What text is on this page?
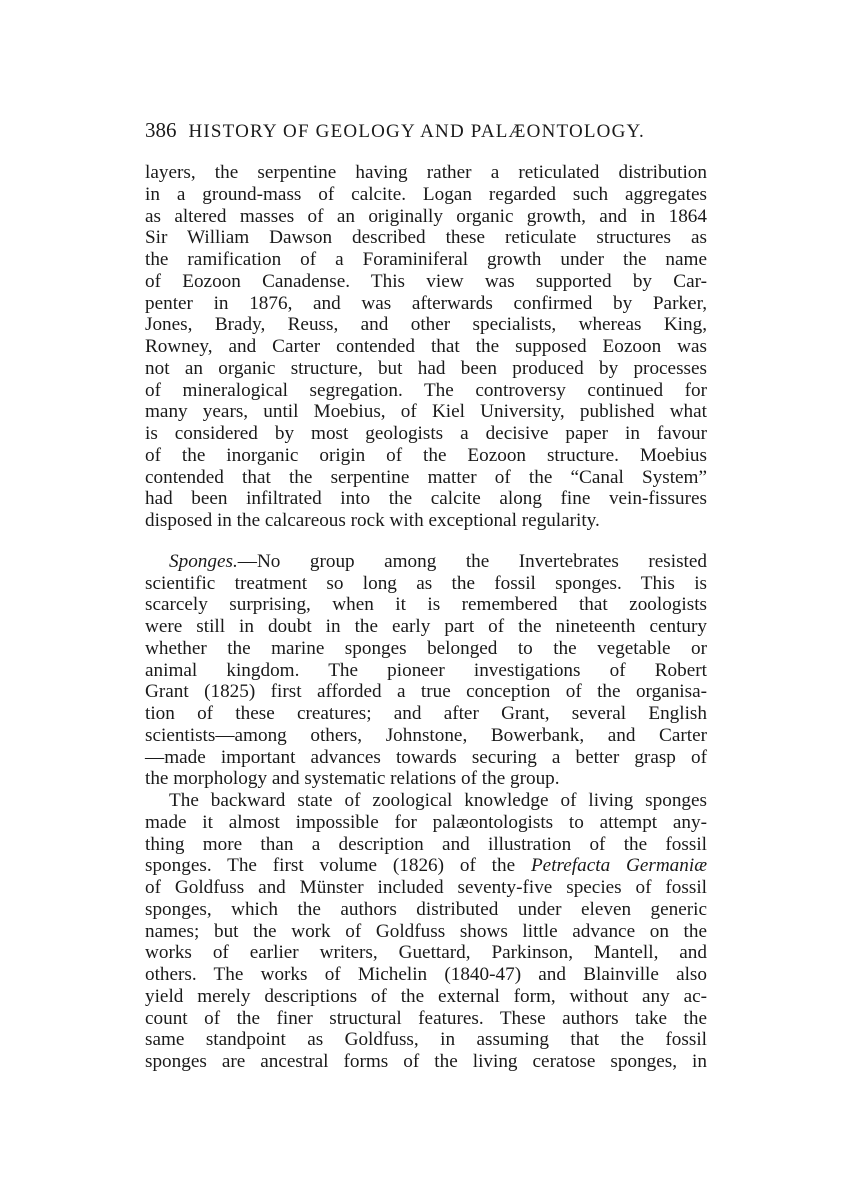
386 HISTORY OF GEOLOGY AND PALÆONTOLOGY.
layers, the serpentine having rather a reticulated distribution
in a ground-mass of calcite. Logan regarded such aggregates
as altered masses of an originally organic growth, and in 1864
Sir William Dawson described these reticulate structures as
the ramification of a Foraminiferal growth under the name
of Eozoon Canadense. This view was supported by Car-
penter in 1876, and was afterwards confirmed by Parker,
Jones, Brady, Reuss, and other specialists, whereas King,
Rowney, and Carter contended that the supposed Eozoon was
not an organic structure, but had been produced by processes
of mineralogical segregation. The controversy continued for
many years, until Moebius, of Kiel University, published what
is considered by most geologists a decisive paper in favour
of the inorganic origin of the Eozoon structure. Moebius
contended that the serpentine matter of the “Canal System”
had been infiltrated into the calcite along fine vein-fissures
disposed in the calcareous rock with exceptional regularity.
Sponges.—No group among the Invertebrates resisted
scientific treatment so long as the fossil sponges. This is
scarcely surprising, when it is remembered that zoologists
were still in doubt in the early part of the nineteenth century
whether the marine sponges belonged to the vegetable or
animal kingdom. The pioneer investigations of Robert
Grant (1825) first afforded a true conception of the organisa-
tion of these creatures; and after Grant, several English
scientists—among others, Johnstone, Bowerbank, and Carter
—made important advances towards securing a better grasp of
the morphology and systematic relations of the group.
The backward state of zoological knowledge of living sponges
made it almost impossible for palæontologists to attempt any-
thing more than a description and illustration of the fossil
sponges. The first volume (1826) of the Petrefacta Germaniæ
of Goldfuss and Münster included seventy-five species of fossil
sponges, which the authors distributed under eleven generic
names; but the work of Goldfuss shows little advance on the
works of earlier writers, Guettard, Parkinson, Mantell, and
others. The works of Michelin (1840-47) and Blainville also
yield merely descriptions of the external form, without any ac-
count of the finer structural features. These authors take the
same standpoint as Goldfuss, in assuming that the fossil
sponges are ancestral forms of the living ceratose sponges, in
